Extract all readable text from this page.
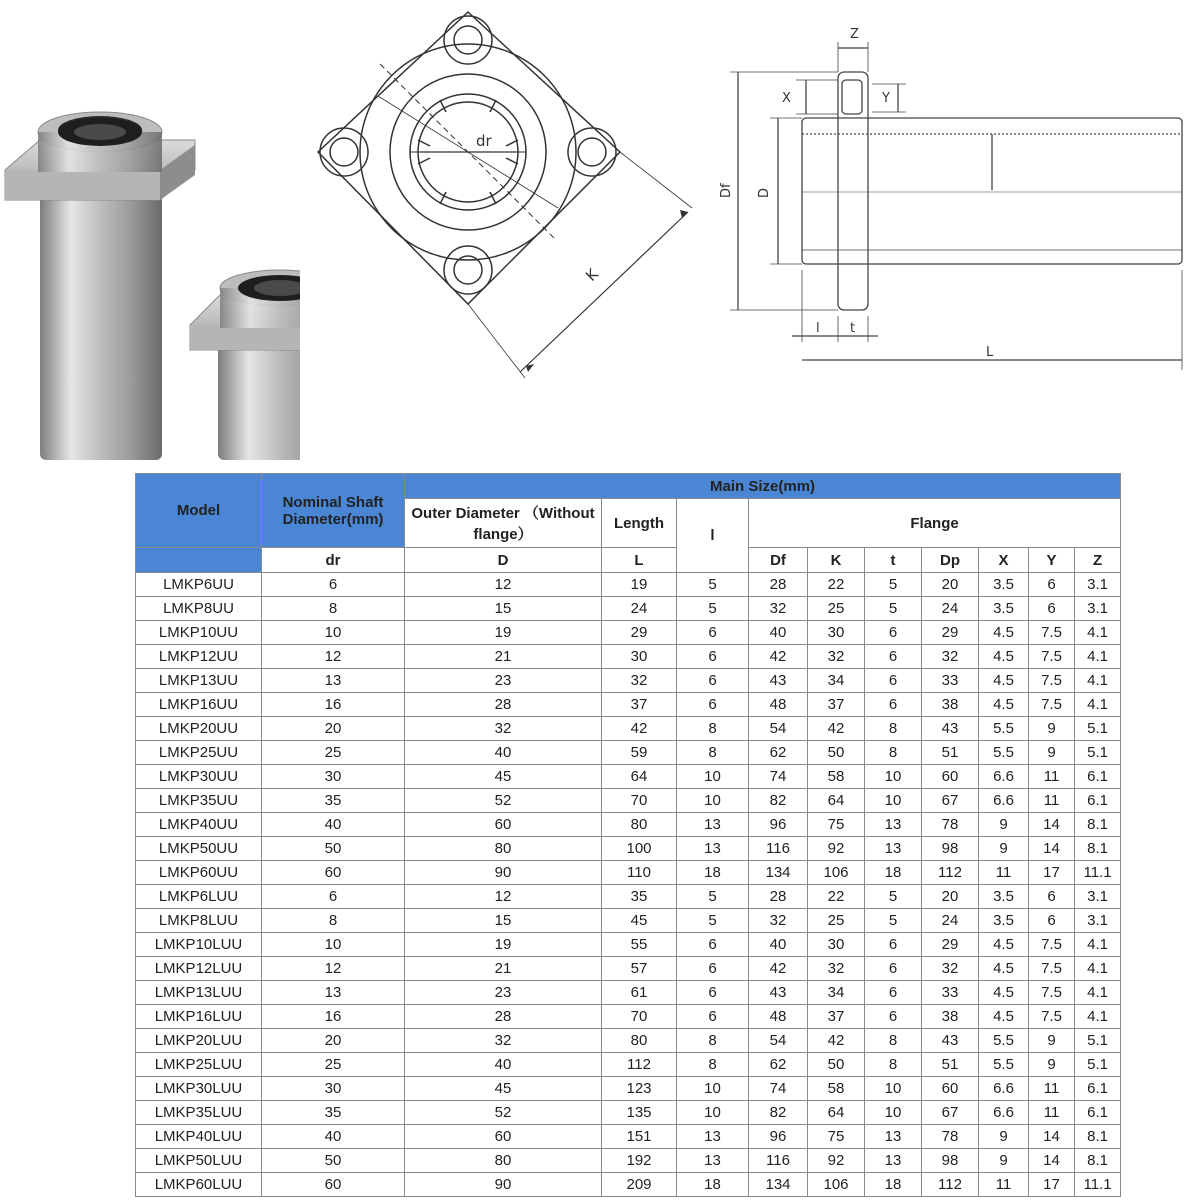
dr
K
Z
X	Y
Df D
l t
L
Model	Nominal Shaft Diameter(mm)	Main Size(mm)									
		Outer Diameter （Without flange）	Length	l	Flange						
	dr	D	L		Df	K	t	Dp	X	Y	Z
LMKP6UU	6	12	19	5	28	22	5	20	3.5	6	3.1
LMKP8UU	8	15	24	5	32	25	5	24	3.5	6	3.1
LMKP10UU	10	19	29	6	40	30	6	29	4.5	7.5	4.1
LMKP12UU	12	21	30	6	42	32	6	32	4.5	7.5	4.1
LMKP13UU	13	23	32	6	43	34	6	33	4.5	7.5	4.1
LMKP16UU	16	28	37	6	48	37	6	38	4.5	7.5	4.1
LMKP20UU	20	32	42	8	54	42	8	43	5.5	9	5.1
LMKP25UU	25	40	59	8	62	50	8	51	5.5	9	5.1
LMKP30UU	30	45	64	10	74	58	10	60	6.6	11	6.1
LMKP35UU	35	52	70	10	82	64	10	67	6.6	11	6.1
LMKP40UU	40	60	80	13	96	75	13	78	9	14	8.1
LMKP50UU	50	80	100	13	116	92	13	98	9	14	8.1
LMKP60UU	60	90	110	18	134	106	18	112	11	17	11.1
LMKP6LUU	6	12	35	5	28	22	5	20	3.5	6	3.1
LMKP8LUU	8	15	45	5	32	25	5	24	3.5	6	3.1
LMKP10LUU	10	19	55	6	40	30	6	29	4.5	7.5	4.1
LMKP12LUU	12	21	57	6	42	32	6	32	4.5	7.5	4.1
LMKP13LUU	13	23	61	6	43	34	6	33	4.5	7.5	4.1
LMKP16LUU	16	28	70	6	48	37	6	38	4.5	7.5	4.1
LMKP20LUU	20	32	80	8	54	42	8	43	5.5	9	5.1
LMKP25LUU	25	40	112	8	62	50	8	51	5.5	9	5.1
LMKP30LUU	30	45	123	10	74	58	10	60	6.6	11	6.1
LMKP35LUU	35	52	135	10	82	64	10	67	6.6	11	6.1
LMKP40LUU	40	60	151	13	96	75	13	78	9	14	8.1
LMKP50LUU	50	80	192	13	116	92	13	98	9	14	8.1
LMKP60LUU	60	90	209	18	134	106	18	112	11	17	11.1
